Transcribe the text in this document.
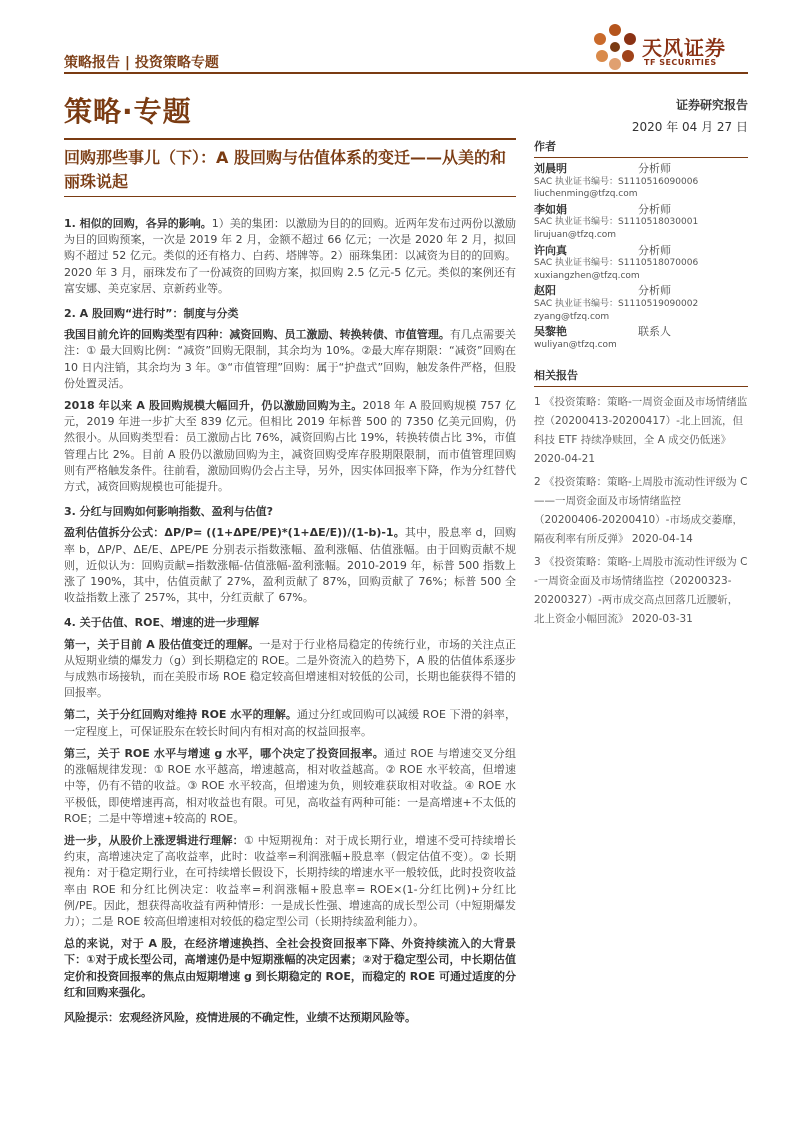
策略报告 | 投资策略专题
天风证券
TF SECURITIES
策略·专题	证券研究报告
2020 年 04 月 27 日
回购那些事儿（下）：A 股回购与估值体系的变迁——从美的和丽珠说起
1. 相似的回购，各异的影响。1）美的集团：以激励为目的的回购。近两年发布过两份以激励为目的回购预案，一次是 2019 年 2 月，金额不超过 66 亿元；一次是 2020 年 2 月，拟回购不超过 52 亿元。类似的还有格力、白药、塔牌等。2）丽珠集团：以减资为目的的回购。2020 年 3 月，丽珠发布了一份减资的回购方案，拟回购 2.5 亿元-5 亿元。类似的案例还有富安娜、美克家居、京新药业等。
2. A 股回购“进行时”：制度与分类
我国目前允许的回购类型有四种：减资回购、员工激励、转换转债、市值管理。有几点需要关注：① 最大回购比例：“减资”回购无限制，其余均为 10%。②最大库存期限：“减资”回购在 10 日内注销，其余均为 3 年。③“市值管理”回购：属于“护盘式”回购，触发条件严格，但股份处置灵活。
2018 年以来 A 股回购规模大幅回升，仍以激励回购为主。2018 年 A 股回购规模 757 亿元，2019 年进一步扩大至 839 亿元。但相比 2019 年标普 500 的 7350 亿美元回购，仍然很小。从回购类型看：员工激励占比 76%，减资回购占比 19%，转换转债占比 3%，市值管理占比 2%。目前 A 股仍以激励回购为主，减资回购受库存股期限限制，而市值管理回购则有严格触发条件。往前看，激励回购仍会占主导，另外，因实体回报率下降，作为分红替代方式，减资回购规模也可能提升。
3. 分红与回购如何影响指数、盈利与估值?
盈利估值拆分公式：ΔP/P= ((1+ΔPE/PE)*(1+ΔE/E))/(1-b)-1。其中，股息率 d，回购率 b，ΔP/P、ΔE/E、ΔPE/PE 分别表示指数涨幅、盈利涨幅、估值涨幅。由于回购贡献不规则，近似认为：回购贡献=指数涨幅-估值涨幅-盈利涨幅。2010-2019 年，标普 500 指数上涨了 190%，其中，估值贡献了 27%，盈利贡献了 87%，回购贡献了 76%；标普 500 全收益指数上涨了 257%，其中，分红贡献了 67%。
4. 关于估值、ROE、增速的进一步理解
第一，关于目前 A 股估值变迁的理解。一是对于行业格局稳定的传统行业，市场的关注点正从短期业绩的爆发力（g）到长期稳定的 ROE。二是外资流入的趋势下，A 股的估值体系逐步与成熟市场接轨，而在美股市场 ROE 稳定较高但增速相对较低的公司，长期也能获得不错的回报率。
第二，关于分红回购对维持 ROE 水平的理解。通过分红或回购可以减缓 ROE 下滑的斜率，一定程度上，可保证股东在较长时间内有相对高的权益回报率。
第三，关于 ROE 水平与增速 g 水平，哪个决定了投资回报率。通过 ROE 与增速交叉分组的涨幅规律发现：① ROE 水平越高，增速越高，相对收益越高。② ROE 水平较高，但增速中等，仍有不错的收益。③ ROE 水平较高，但增速为负，则较难获取相对收益。④ ROE 水平极低，即使增速再高，相对收益也有限。可见，高收益有两种可能：一是高增速+不太低的 ROE；二是中等增速+较高的 ROE。
进一步，从股价上涨逻辑进行理解：① 中短期视角：对于成长期行业，增速不受可持续增长约束，高增速决定了高收益率，此时：收益率=利润涨幅+股息率（假定估值不变）。② 长期视角：对于稳定期行业，在可持续增长假设下，长期持续的增速水平一般较低，此时投资收益率由 ROE 和分红比例决定：收益率=利润涨幅+股息率= ROE×(1-分红比例)+分红比例/PE。因此，想获得高收益有两种情形：一是成长性强、增速高的成长型公司（中短期爆发力）；二是 ROE 较高但增速相对较低的稳定型公司（长期持续盈利能力）。
总的来说，对于 A 股，在经济增速换挡、全社会投资回报率下降、外资持续流入的大背景下：①对于成长型公司，高增速仍是中短期涨幅的决定因素；②对于稳定型公司，中长期估值定价和投资回报率的焦点由短期增速 g 到长期稳定的 ROE，而稳定的 ROE 可通过适度的分红和回购来强化。
风险提示：宏观经济风险，疫情进展的不确定性，业绩不达预期风险等。
作者
刘晨明	分析师
SAC 执业证书编号：S1110516090006
liuchenming@tfzq.com
李如娟	分析师
SAC 执业证书编号：S1110518030001
lirujuan@tfzq.com
许向真	分析师
SAC 执业证书编号：S1110518070006
xuxiangzhen@tfzq.com
赵阳	分析师
SAC 执业证书编号：S1110519090002
zyang@tfzq.com
吴黎艳	联系人
wuliyan@tfzq.com
相关报告
1 《投资策略：策略-一周资金面及市场情绪监控（20200413-20200417）-北上回流，但科技 ETF 持续净赎回，全 A 成交仍低迷》 2020-04-21
2 《投资策略：策略-上周股市流动性评级为 C——一周资金面及市场情绪监控（20200406-20200410）-市场成交萎靡，隔夜利率有所反弹》 2020-04-14
3 《投资策略：策略-上周股市流动性评级为 C -一周资金面及市场情绪监控（20200323-20200327）-两市成交高点回落几近腰斩，北上资金小幅回流》 2020-03-31
